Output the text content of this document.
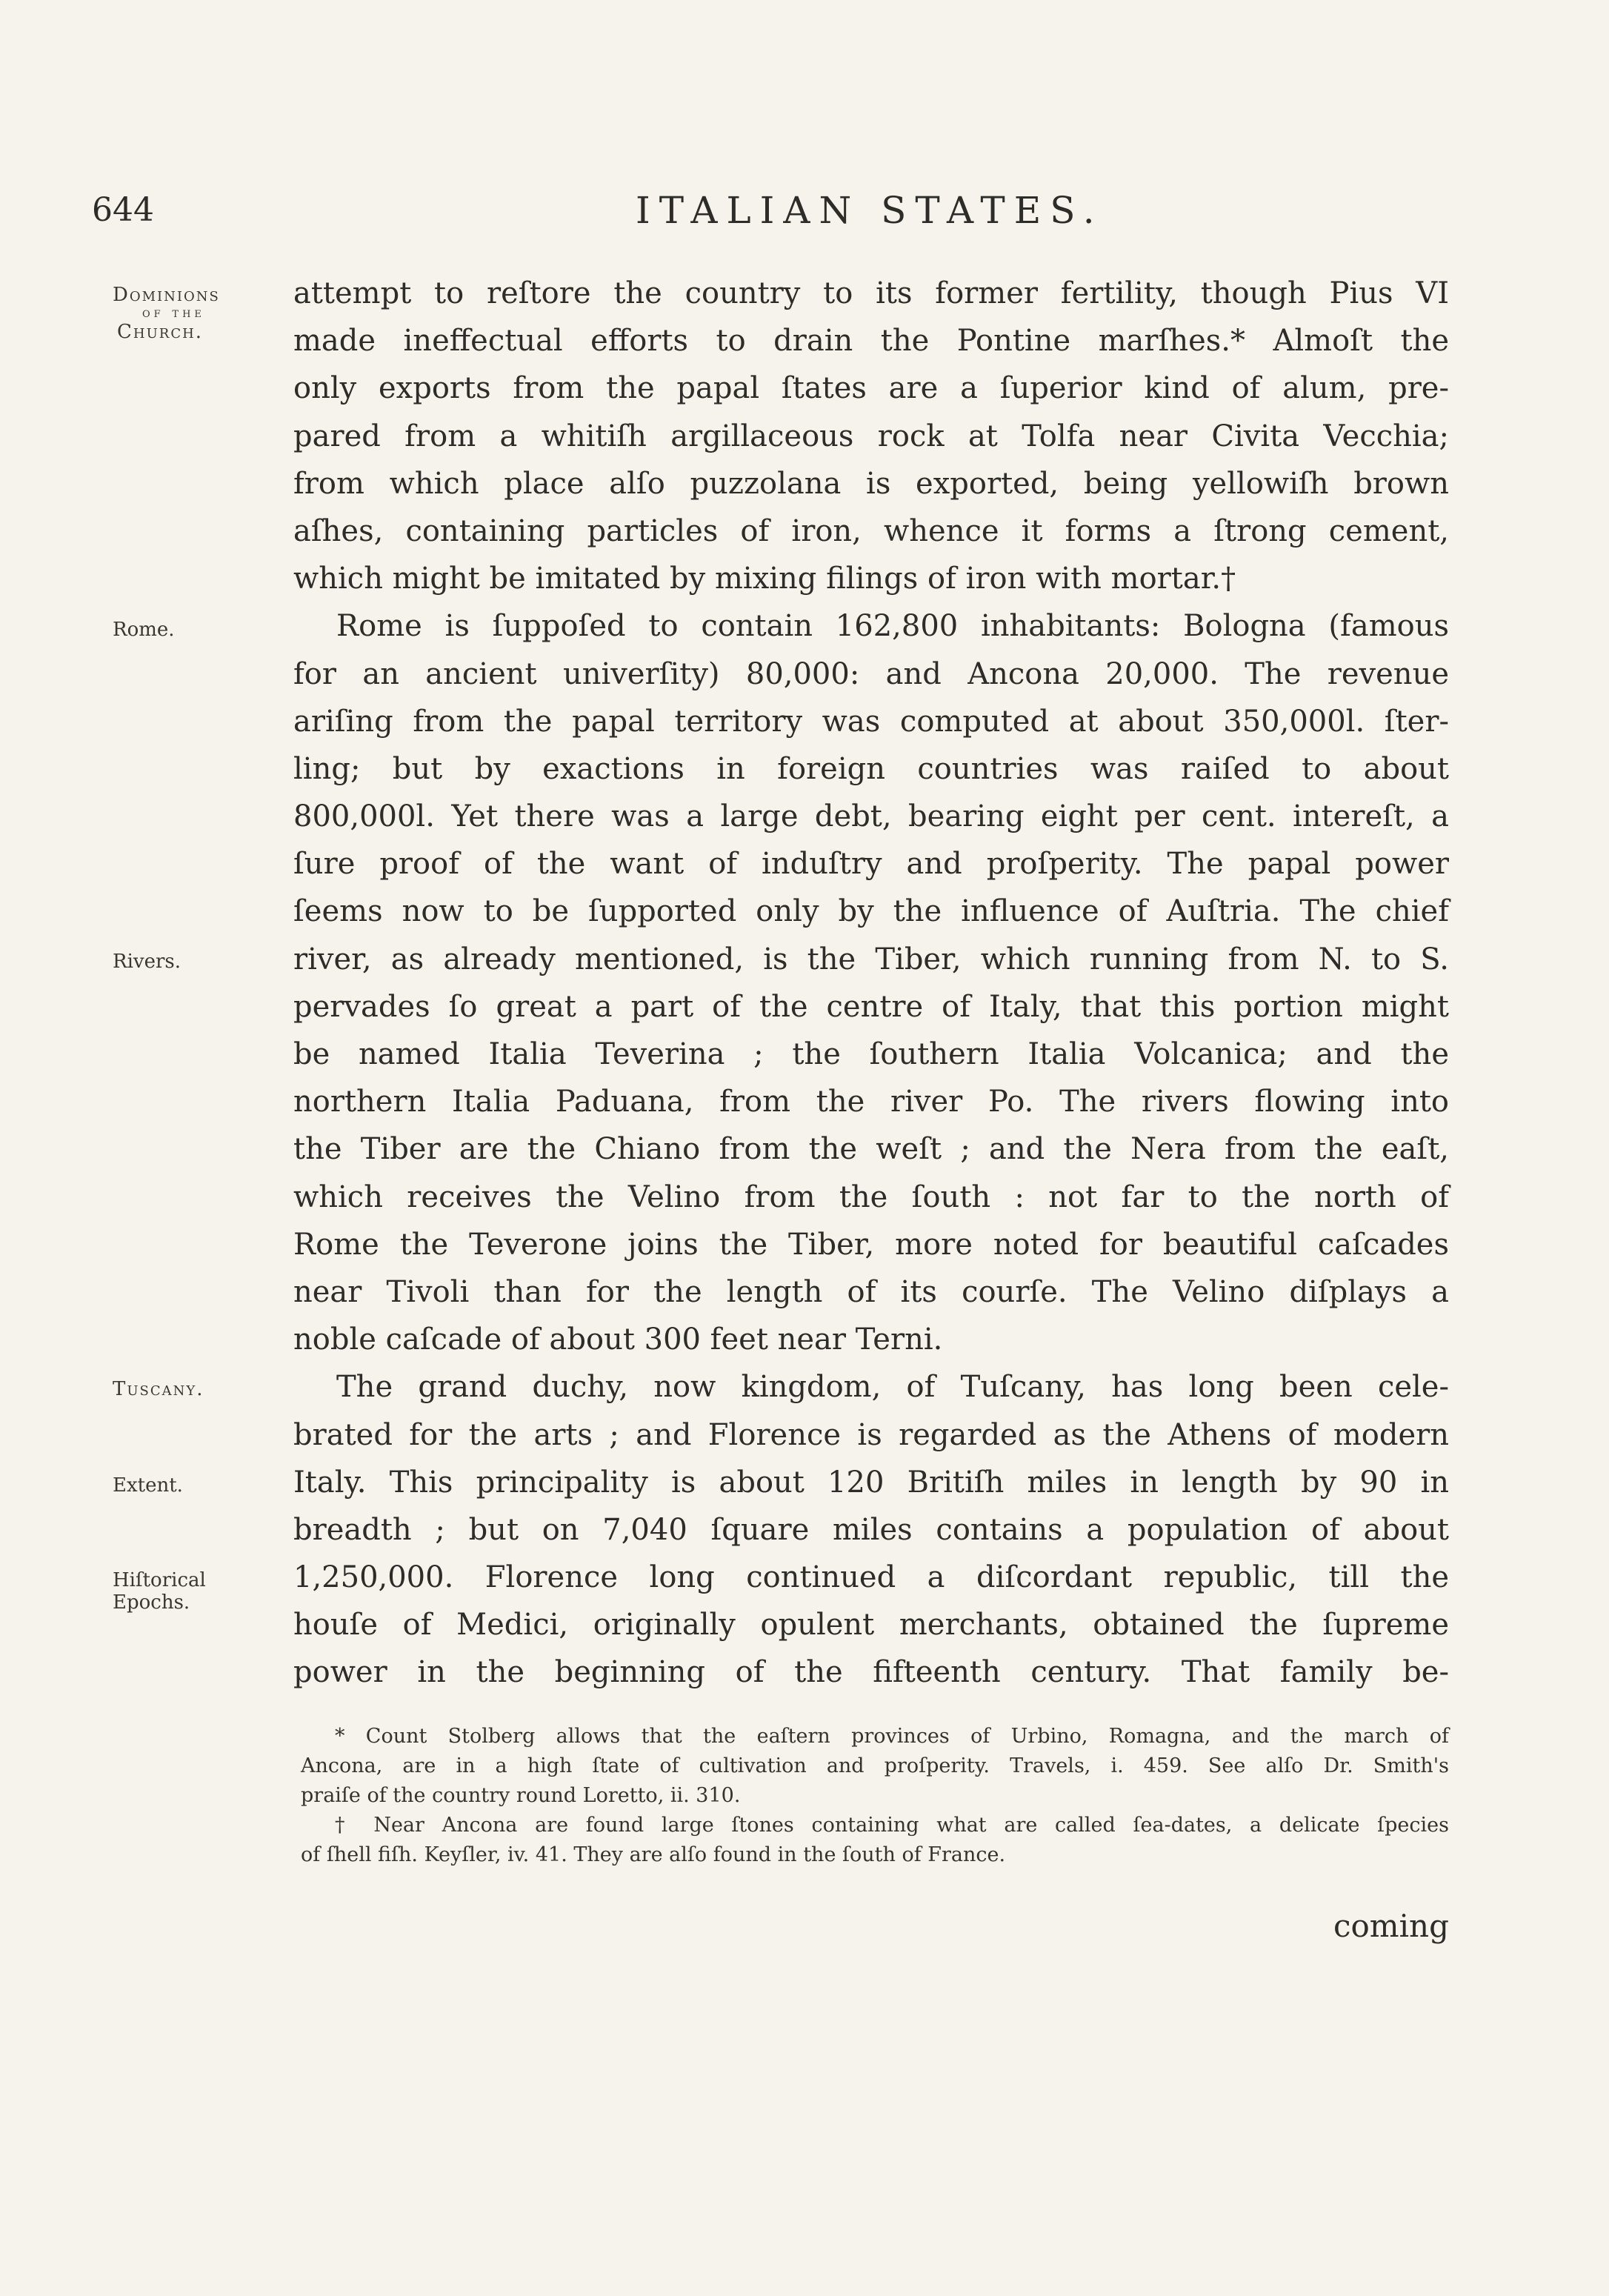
644	ITALIAN STATES.
Dominions
of the
Church.
Rome.
Rivers.
Tuscany.
Extent.
Hiſtorical
Epochs.
attempt to reſtore the country to its former fertility, though Pius VI
made ineffectual efforts to drain the Pontine marſhes.* Almoſt the
only exports from the papal ſtates are a ſuperior kind of alum, pre-
pared from a whitiſh argillaceous rock at Tolfa near Civita Vecchia;
from which place alſo puzzolana is exported, being yellowiſh brown
aſhes, containing particles of iron, whence it forms a ſtrong cement,
which might be imitated by mixing filings of iron with mortar.†
Rome is ſuppoſed to contain 162,800 inhabitants: Bologna (famous
for an ancient univerſity) 80,000: and Ancona 20,000. The revenue
ariſing from the papal territory was computed at about 350,000l. ſter-
ling; but by exactions in foreign countries was raiſed to about
800,000l. Yet there was a large debt, bearing eight per cent. intereſt, a
ſure proof of the want of induſtry and proſperity. The papal power
ſeems now to be ſupported only by the influence of Auſtria. The chief
river, as already mentioned, is the Tiber, which running from N. to S.
pervades ſo great a part of the centre of Italy, that this portion might
be named Italia Teverina ; the ſouthern Italia Volcanica; and the
northern Italia Paduana, from the river Po. The rivers flowing into
the Tiber are the Chiano from the weſt ; and the Nera from the eaſt,
which receives the Velino from the ſouth : not far to the north of
Rome the Teverone joins the Tiber, more noted for beautiful caſcades
near Tivoli than for the length of its courſe. The Velino diſplays a
noble caſcade of about 300 feet near Terni.
The grand duchy, now kingdom, of Tuſcany, has long been cele-
brated for the arts ; and Florence is regarded as the Athens of modern
Italy. This principality is about 120 Britiſh miles in length by 90 in
breadth ; but on 7,040 ſquare miles contains a population of about
1,250,000. Florence long continued a diſcordant republic, till the
houſe of Medici, originally opulent merchants, obtained the ſupreme
power in the beginning of the fifteenth century. That family be-
* Count Stolberg allows that the eaſtern provinces of Urbino, Romagna, and the march of
Ancona, are in a high ſtate of cultivation and proſperity. Travels, i. 459. See alſo Dr. Smith's
praiſe of the country round Loretto, ii. 310.
† Near Ancona are found large ſtones containing what are called ſea-dates, a delicate ſpecies
of ſhell fiſh. Keyſler, iv. 41. They are alſo found in the ſouth of France.
coming
